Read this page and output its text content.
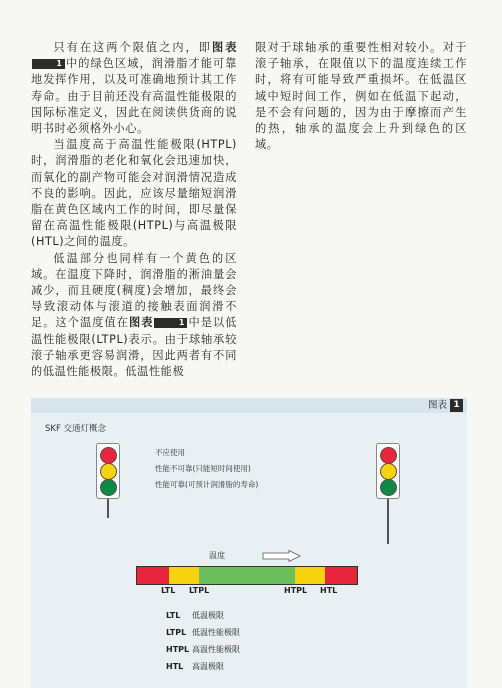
只有在这两个限值之内，即图表1 中的绿色区域，润滑脂才能可靠地发挥作用，以及可准确地预计其工作寿命。由于目前还没有高温性能极限的国际标准定义，因此在阅读供货商的说明书时必须格外小心。

当温度高于高温性能极限(HTPL)时，润滑脂的老化和氧化会迅速加快，而氧化的副产物可能会对润滑情况造成不良的影响。因此，应该尽量缩短润滑脂在黄色区域内工作的时间，即尽量保留在高温性能极限(HTPL)与高温极限(HTL)之间的温度。

低温部分也同样有一个黄色的区域。在温度下降时，润滑脂的淅油量会减少，而且硬度(稠度)会增加，最终会导致滚动体与滚道的接触表面润滑不足。这个温度值在图表	1 中是以低温性能极限(LTPL)表示。由于球轴承较滚子轴承更容易润滑，因此两者有不同的低温性能极限。低温性能极

限对于球轴承的重要性相对较小。对于滚子轴承，在限值以下的温度连续工作时，将有可能导致严重损坏。在低温区域中短时间工作，例如在低温下起动，是不会有问题的，因为由于摩擦而产生的热，轴承的温度会上升到绿色的区域。

图表 1
SKF 交通灯概念
不应使用
性能不可靠(只能短时间使用)
性能可靠(可预计润滑脂的寿命)
温度
LTL LTPL	HTPL HTL
LTL 低温极限
LTPL 低温性能极限
HTPL 高温性能极限
HTL 高温极限
